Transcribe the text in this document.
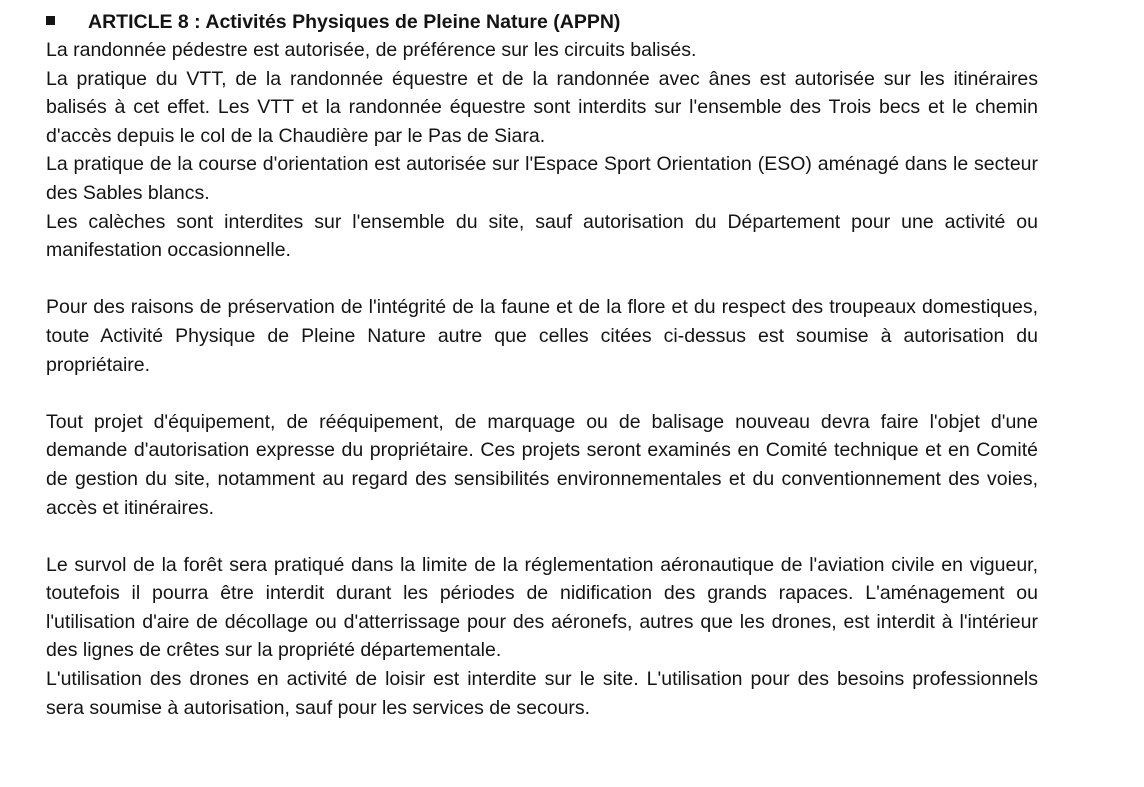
ARTICLE 8 : Activités Physiques de Pleine Nature (APPN)

La randonnée pédestre est autorisée, de préférence sur les circuits balisés.

La pratique du VTT, de la randonnée équestre et de la randonnée avec ânes est autorisée sur les itinéraires balisés à cet effet. Les VTT et la randonnée équestre sont interdits sur l'ensemble des Trois becs et le chemin d'accès depuis le col de la Chaudière par le Pas de Siara.

La pratique de la course d'orientation est autorisée sur l'Espace Sport Orientation (ESO) aménagé dans le secteur des Sables blancs.

Les calèches sont interdites sur l'ensemble du site, sauf autorisation du Département pour une activité ou manifestation occasionnelle.

Pour des raisons de préservation de l'intégrité de la faune et de la flore et du respect des troupeaux domestiques, toute Activité Physique de Pleine Nature autre que celles citées ci-dessus est soumise à autorisation du propriétaire.

Tout projet d'équipement, de rééquipement, de marquage ou de balisage nouveau devra faire l'objet d'une demande d'autorisation expresse du propriétaire. Ces projets seront examinés en Comité technique et en Comité de gestion du site, notamment au regard des sensibilités environnementales et du conventionnement des voies, accès et itinéraires.

Le survol de la forêt sera pratiqué dans la limite de la réglementation aéronautique de l'aviation civile en vigueur, toutefois il pourra être interdit durant les périodes de nidification des grands rapaces. L'aménagement ou l'utilisation d'aire de décollage ou d'atterrissage pour des aéronefs, autres que les drones, est interdit à l'intérieur des lignes de crêtes sur la propriété départementale.

L'utilisation des drones en activité de loisir est interdite sur le site. L'utilisation pour des besoins professionnels sera soumise à autorisation, sauf pour les services de secours.
